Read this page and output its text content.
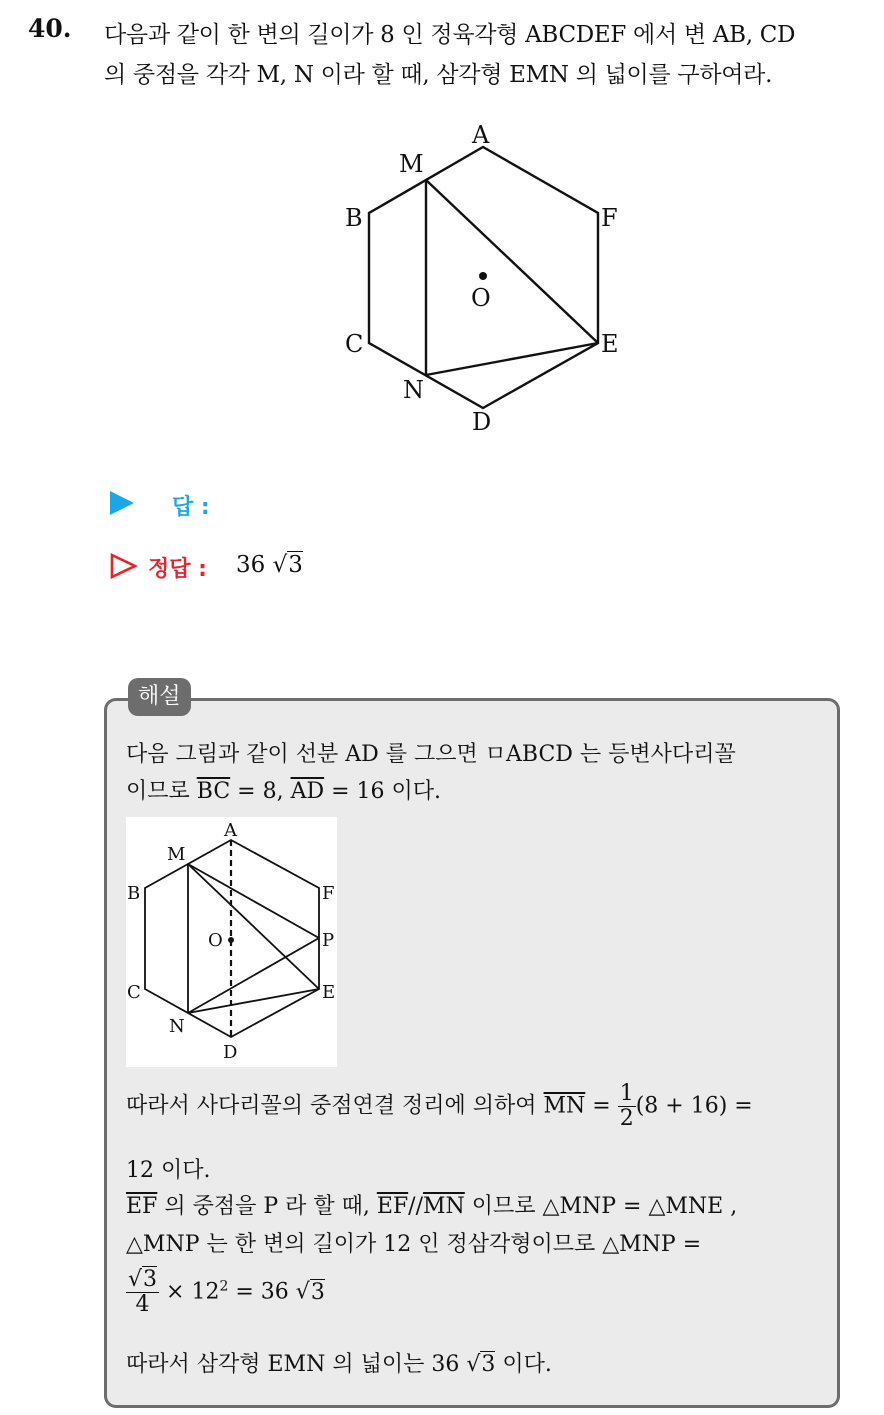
40. 다음과 같이 한 변의 길이가 8 인 정육각형 ABCDEF 에서 변 AB, CD
의 중점을 각각 M, N 이라 할 때, 삼각형 EMN 의 넓이를 구하여라.
A
M
B	F
O
C	E
N
D
답 :
정답 : 36 √3
해설
다음 그림과 같이 선분 AD 를 그으면 ㅁABCD 는 등변사다리꼴
이므로 $\overline{BC} = 8$, $\overline{AD} = 16$ 이다.
A
M
B	F
O	P
C	E
N
D
따라서 사다리꼴의 중점연결 정리에 의하여 $\overline{MN} = \frac{1}{2} (8 + 16)$ =
12 이다.
$\overline{EF}$ 의 중점을 P 라 할 때, $\overline{EF}//\overline{MN}$ 이므로 △MNP = △MNE ,
△MNP 는 한 변의 길이가 12 인 정삼각형이므로 △MNP =
$\frac{√3}{4} \times 12^2 = 36$ √3
따라서 삼각형 EMN 의 넓이는 36 √3 이다.
